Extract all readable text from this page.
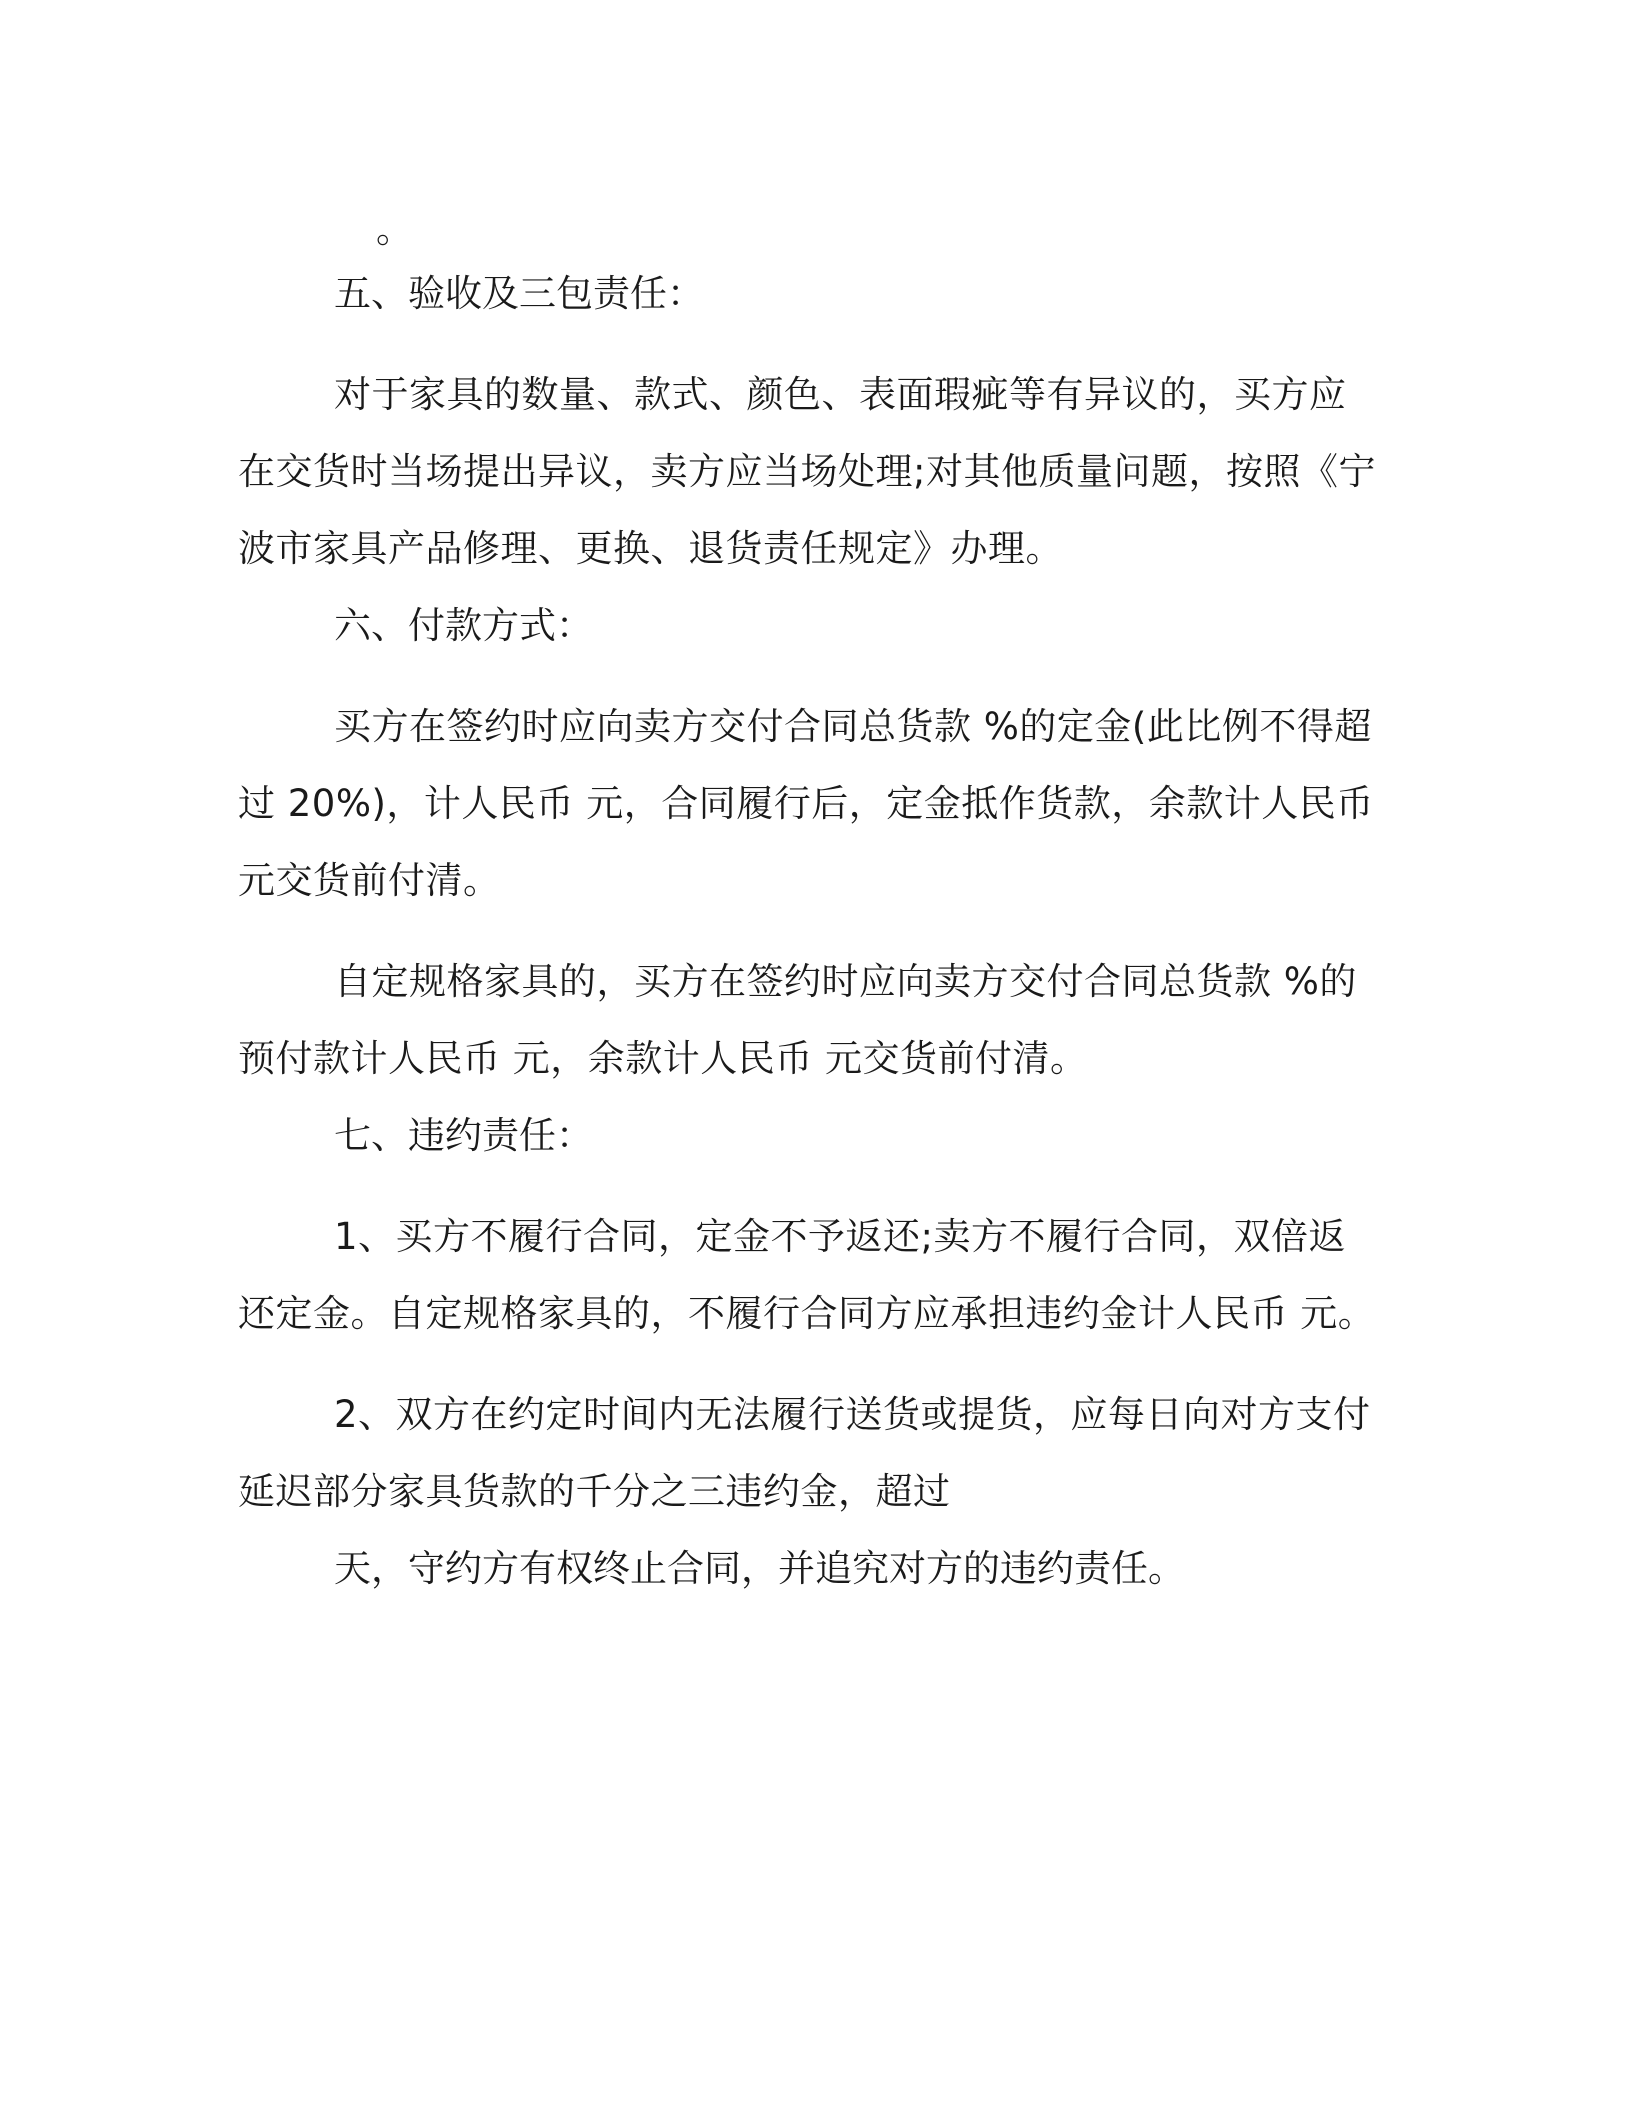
。

五、验收及三包责任：

对于家具的数量、款式、颜色、表面瑕疵等有异议的，买方应在交货时当场提出异议，卖方应当场处理;对其他质量问题，按照《宁波市家具产品修理、更换、退货责任规定》办理。

六、付款方式：

买方在签约时应向卖方交付合同总货款 %的定金(此比例不得超过 20%)，计人民币 元，合同履行后，定金抵作货款，余款计人民币 元交货前付清。

自定规格家具的，买方在签约时应向卖方交付合同总货款 %的预付款计人民币 元，余款计人民币 元交货前付清。

七、违约责任：

1、买方不履行合同，定金不予返还;卖方不履行合同，双倍返还定金。自定规格家具的，不履行合同方应承担违约金计人民币 元。

2、双方在约定时间内无法履行送货或提货，应每日向对方支付延迟部分家具货款的千分之三违约金，超过

天，守约方有权终止合同，并追究对方的违约责任。
